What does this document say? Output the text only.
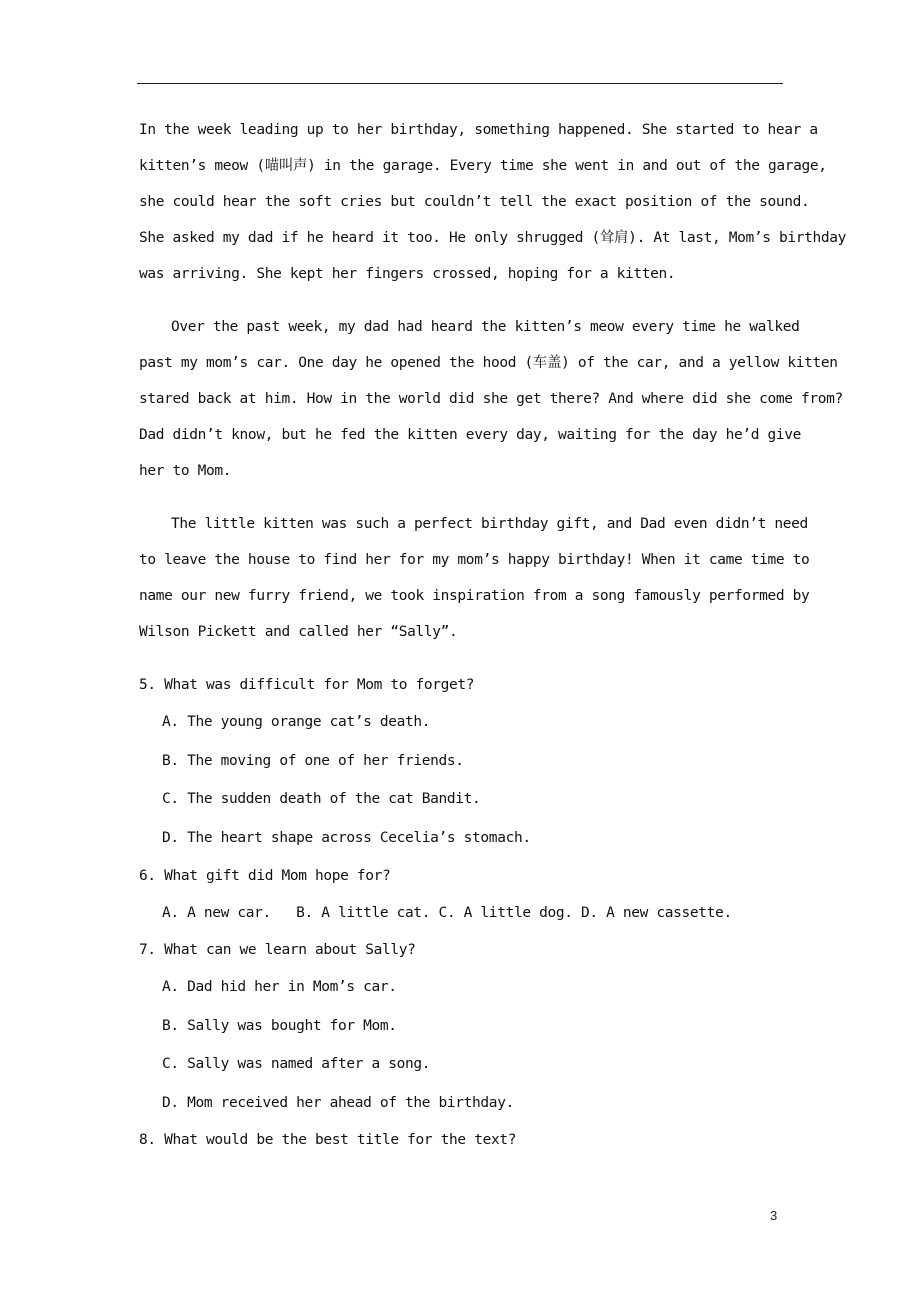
In the week leading up to her birthday, something happened. She started to hear a
kitten’s meow (喵叫声) in the garage. Every time she went in and out of the garage,
she could hear the soft cries but couldn’t tell the exact position of the sound.
She asked my dad if he heard it too. He only shrugged (耸肩). At last, Mom’s birthday
was arriving. She kept her fingers crossed, hoping for a kitten.
Over the past week, my dad had heard the kitten’s meow every time he walked
past my mom’s car. One day he opened the hood (车盖) of the car, and a yellow kitten
stared back at him. How in the world did she get there? And where did she come from?
Dad didn’t know, but he fed the kitten every day, waiting for the day he’d give
her to Mom.
The little kitten was such a perfect birthday gift, and Dad even didn’t need
to leave the house to find her for my mom’s happy birthday! When it came time to
name our new furry friend, we took inspiration from a song famously performed by
Wilson Pickett and called her “Sally”.
5. What was difficult for Mom to forget?
A. The young orange cat’s death.
B. The moving of one of her friends.
C. The sudden death of the cat Bandit.
D. The heart shape across Cecelia’s stomach.
6. What gift did Mom hope for?
A. A new car.   B. A little cat. C. A little dog. D. A new cassette.
7. What can we learn about Sally?
A. Dad hid her in Mom’s car.
B. Sally was bought for Mom.
C. Sally was named after a song.
D. Mom received her ahead of the birthday.
8. What would be the best title for the text?
3
